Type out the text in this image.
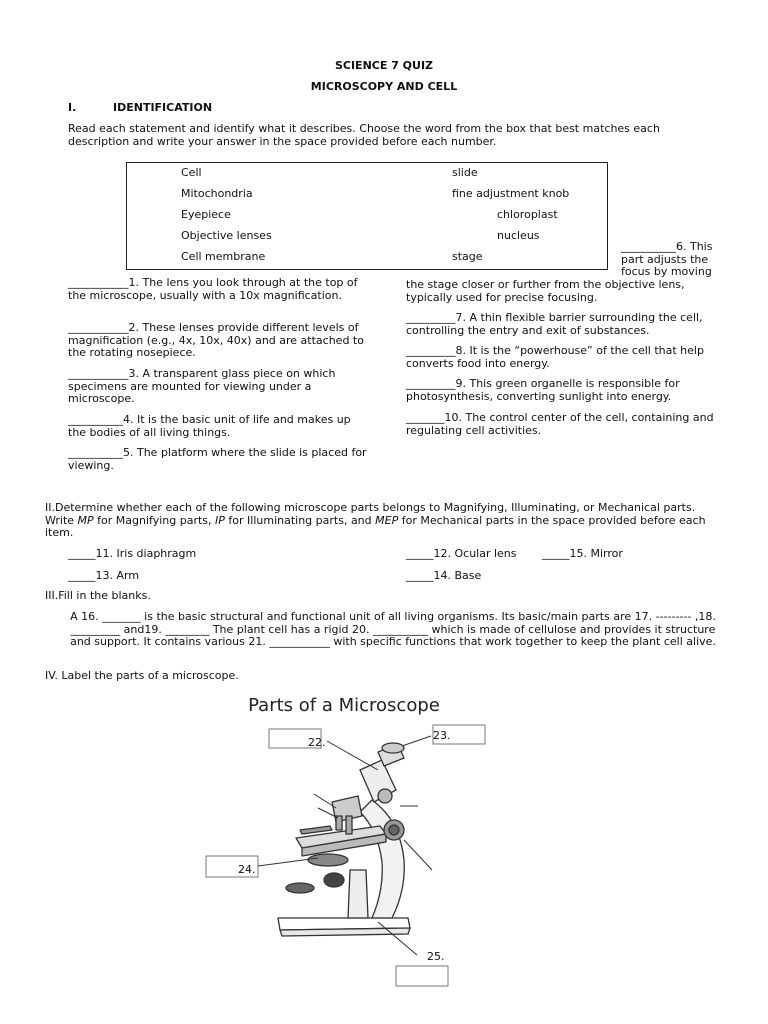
SCIENCE 7 QUIZ
MICROSCOPY AND CELL
I.	IDENTIFICATION
Read each statement and identify what it describes. Choose the word from the box that best matches each description and write your answer in the space provided before each number.
Cell	slide
Mitochondria	fine adjustment knob
Eyepiece	chloroplast
Objective lenses	nucleus
Cell membrane	stage
___________1. The lens you look through at the top of the microscope, usually with a 10x magnification.
___________2. These lenses provide different levels of magnification (e.g., 4x, 10x, 40x) and are attached to the rotating nosepiece.
___________3. A transparent glass piece on which specimens are mounted for viewing under a microscope.
__________4. It is the basic unit of life and makes up the bodies of all living things.
__________5. The platform where the slide is placed for viewing.
__________6. This part adjusts the focus by moving
the stage closer or further from the objective lens, typically used for precise focusing.
_________7. A thin flexible barrier surrounding the cell, controlling the entry and exit of substances.
_________8. It is the “powerhouse” of the cell that help converts food into energy.
_________9. This green organelle is responsible for photosynthesis, converting sunlight into energy.
_______10. The control center of the cell, containing and regulating cell activities.
II.Determine whether each of the following microscope parts belongs to Magnifying, Illuminating, or Mechanical parts. Write MP for Magnifying parts, IP for Illuminating parts, and MEP for Mechanical parts in the space provided before each item.
_____11. Iris diaphragm	_____12. Ocular lens _____15. Mirror
_____13. Arm	_____14. Base
III.Fill in the blanks.
A 16. _______ is the basic structural and functional unit of all living organisms. Its basic/main parts are 17. --------- ,18. _________ and19. ________ The plant cell has a rigid 20. __________ which is made of cellulose and provides it structure and support. It contains various 21. ___________ with specific functions that work together to keep the plant cell alive.
IV. Label the parts of a microscope.
Parts of a Microscope
22.
23.
24.
25.
